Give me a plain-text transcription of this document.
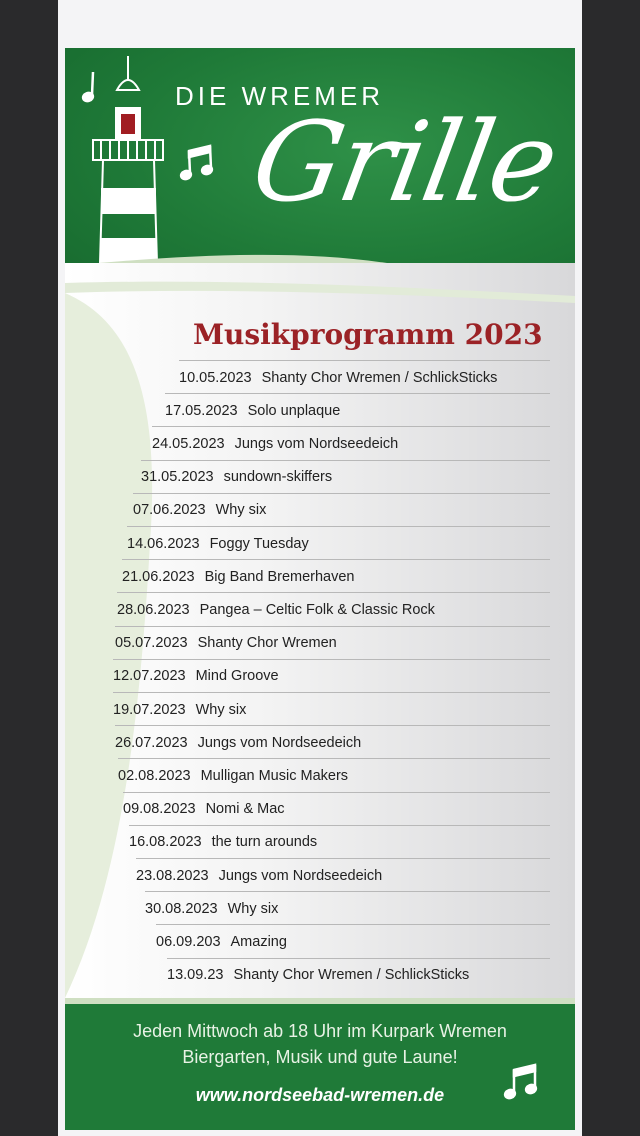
DIE WREMER
Grille
Musikprogramm 2023
10.05.2023 Shanty Chor Wremen / SchlickSticks
17.05.2023 Solo unplaque
24.05.2023 Jungs vom Nordseedeich
31.05.2023 sundown-skiffers
07.06.2023 Why six
14.06.2023 Foggy Tuesday
21.06.2023 Big Band Bremerhaven
28.06.2023 Pangea – Celtic Folk & Classic Rock
05.07.2023 Shanty Chor Wremen
12.07.2023 Mind Groove
19.07.2023 Why six
26.07.2023 Jungs vom Nordseedeich
02.08.2023 Mulligan Music Makers
09.08.2023 Nomi & Mac
16.08.2023 the turn arounds
23.08.2023 Jungs vom Nordseedeich
30.08.2023 Why six
06.09.203 Amazing
13.09.23 Shanty Chor Wremen / SchlickSticks
Jeden Mittwoch ab 18 Uhr im Kurpark Wremen
Biergarten, Musik und gute Laune!
www.nordseebad-wremen.de
